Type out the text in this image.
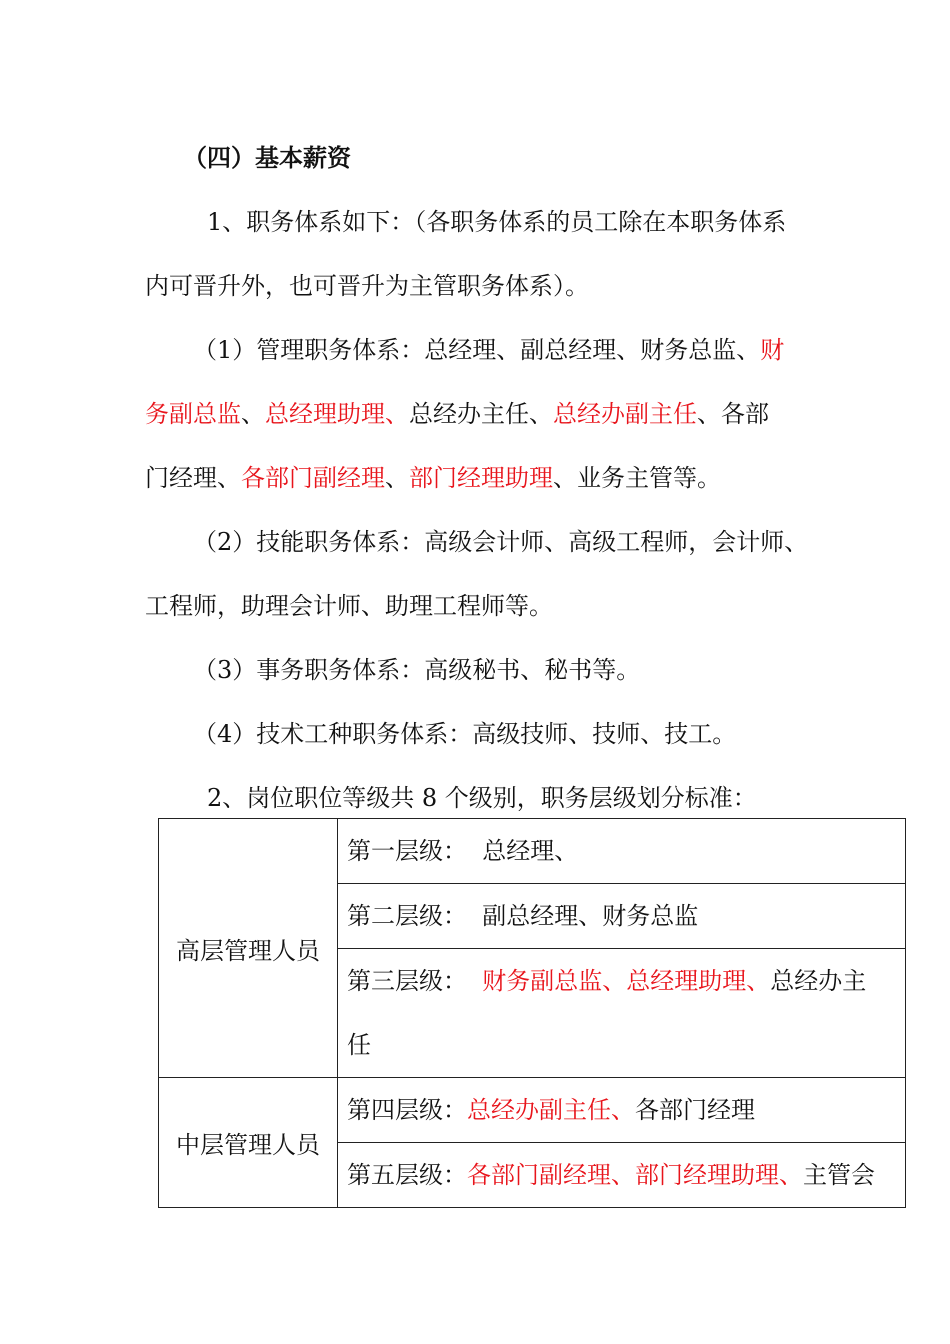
（四）基本薪资
1、职务体系如下：（各职务体系的员工除在本职务体系
内可晋升外，也可晋升为主管职务体系）。
（1）管理职务体系：总经理、副总经理、财务总监、财
务副总监、总经理助理、总经办主任、总经办副主任、各部
门经理、各部门副经理、部门经理助理、业务主管等。
（2）技能职务体系：高级会计师、高级工程师，会计师、
工程师，助理会计师、助理工程师等。
（3）事务职务体系：高级秘书、秘书等。
（4）技术工种职务体系：高级技师、技师、技工。
2、岗位职位等级共 8 个级别，职务层级划分标准：
高层管理人员	第一层级： 总经理、
	第二层级： 副总经理、财务总监

	第三层级： 财务副总监、总经理助理、总经办主
任

中层管理人员	第四层级：总经办副主任、各部门经理
	第五层级：各部门副经理、部门经理助理、主管会
